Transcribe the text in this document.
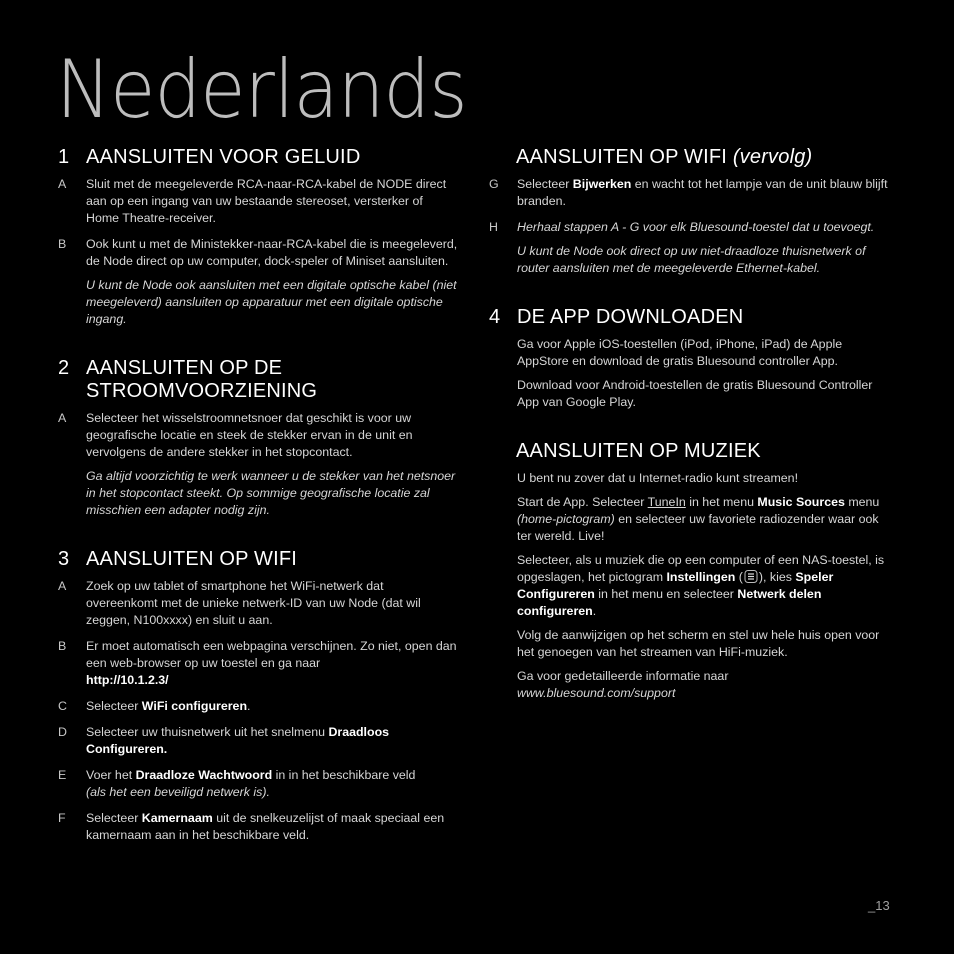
Nederlands
1 AANSLUITEN VOOR GELUID
A	Sluit met de meegeleverde RCA-naar-RCA-kabel de NODE direct aan op een ingang van uw bestaande stereoset, versterker of Home Theatre-receiver.
B	Ook kunt u met de Ministekker-naar-RCA-kabel die is meegeleverd, de Node direct op uw computer, dock-speler of Miniset aansluiten.
U kunt de Node ook aansluiten met een digitale optische kabel (niet meegeleverd) aansluiten op apparatuur met een digitale optische ingang.
2 AANSLUITEN OP DE
STROOMVOORZIENING
A	Selecteer het wisselstroomnetsnoer dat geschikt is voor uw geografische locatie en steek de stekker ervan in de unit en vervolgens de andere stekker in het stopcontact.
Ga altijd voorzichtig te werk wanneer u de stekker van het netsnoer in het stopcontact steekt. Op sommige geografische locatie zal misschien een adapter nodig zijn.
3 AANSLUITEN OP WIFI
A	Zoek op uw tablet of smartphone het WiFi-netwerk dat overeenkomt met de unieke netwerk-ID van uw Node (dat wil zeggen, N100xxxx) en sluit u aan.
B	Er moet automatisch een webpagina verschijnen. Zo niet, open dan een web-browser op uw toestel en ga naar
http://10.1.2.3/
C	Selecteer WiFi configureren.
D	Selecteer uw thuisnetwerk uit het snelmenu Draadloos Configureren.
E	Voer het Draadloze Wachtwoord in in het beschikbare veld
(als het een beveiligd netwerk is).
F	Selecteer Kamernaam uit de snelkeuzelijst of maak speciaal een kamernaam aan in het beschikbare veld.
AANSLUITEN OP WIFI (vervolg)
G	Selecteer Bijwerken en wacht tot het lampje van de unit blauw blijft branden.
H	Herhaal stappen A - G voor elk Bluesound-toestel dat u toevoegt.
U kunt de Node ook direct op uw niet-draadloze thuisnetwerk of router aansluiten met de meegeleverde Ethernet-kabel.
4 DE APP DOWNLOADEN
Ga voor Apple iOS-toestellen (iPod, iPhone, iPad) de Apple AppStore en download de gratis Bluesound controller App.
Download voor Android-toestellen de gratis Bluesound Controller App van Google Play.
AANSLUITEN OP MUZIEK
U bent nu zover dat u Internet-radio kunt streamen!
Start de App. Selecteer TuneIn in het menu Music Sources menu (home-pictogram) en selecteer uw favoriete radiozender waar ook ter wereld. Live!
Selecteer, als u muziek die op een computer of een NAS-toestel, is opgeslagen, het pictogram Instellingen ( ), kies Speler Configureren in het menu en selecteer Netwerk delen configureren.
Volg de aanwijzigen op het scherm en stel uw hele huis open voor het genoegen van het streamen van HiFi-muziek.
Ga voor gedetailleerde informatie naar
www.bluesound.com/support
_13
